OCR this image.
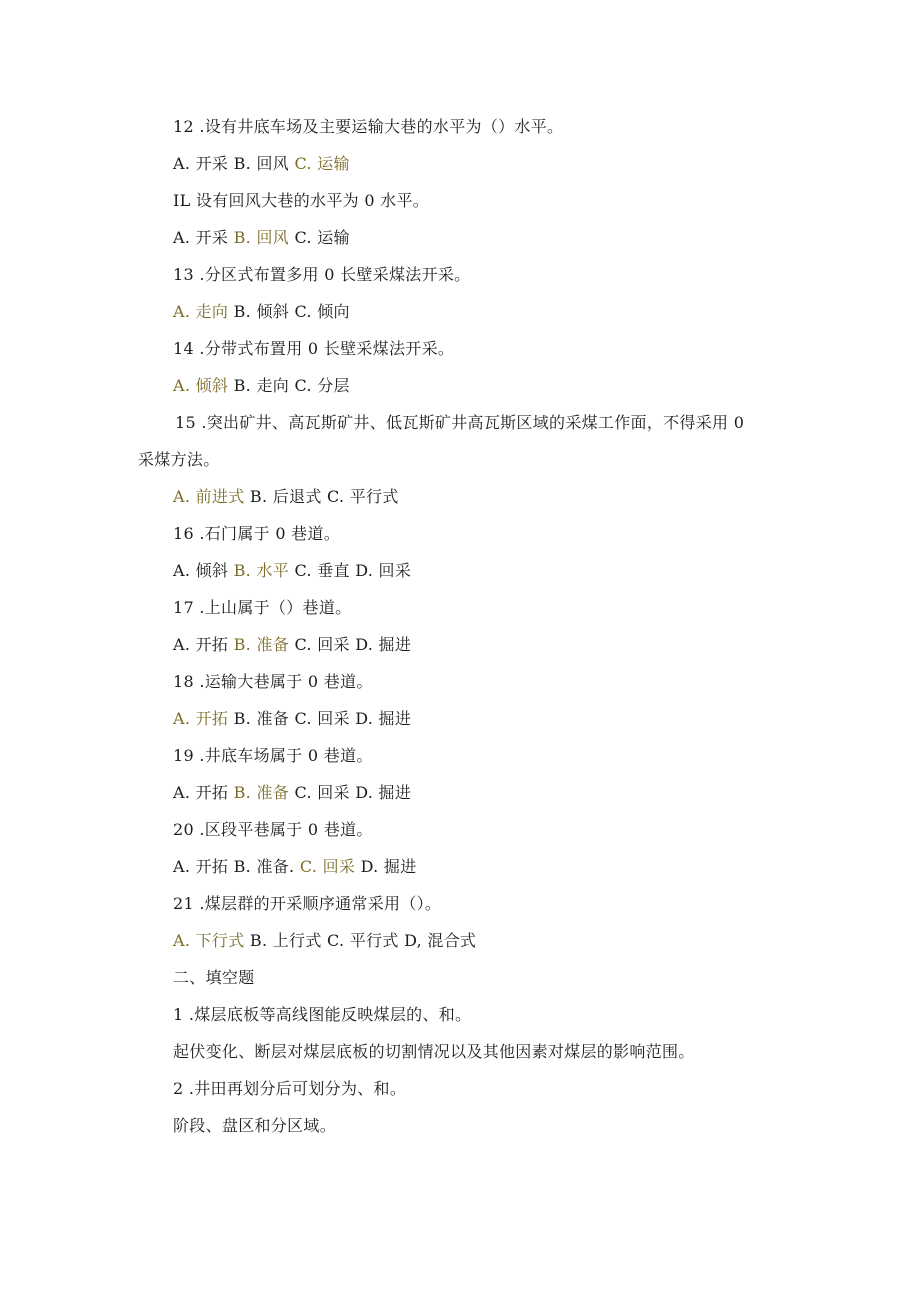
12 .设有井底车场及主要运输大巷的水平为（）水平。
A. 开采 B. 回风 C. 运输
IL 设有回风大巷的水平为 0 水平。
A. 开采 B. 回风 C. 运输
13 .分区式布置多用 0 长壁采煤法开采。
A. 走向 B. 倾斜 C. 倾向
14 .分带式布置用 0 长壁采煤法开采。
A. 倾斜 B. 走向 C. 分层
15 .突出矿井、高瓦斯矿井、低瓦斯矿井高瓦斯区域的采煤工作面，不得采用 0
采煤方法。
A. 前进式 B. 后退式 C. 平行式
16 .石门属于 0 巷道。
A. 倾斜 B. 水平 C. 垂直 D. 回采
17 .上山属于（）巷道。
A. 开拓 B. 准备 C. 回采 D. 掘进
18 .运输大巷属于 0 巷道。
A. 开拓 B. 准备 C. 回采 D. 掘进
19 .井底车场属于 0 巷道。
A. 开拓 B. 准备 C. 回采 D. 掘进
20 .区段平巷属于 0 巷道。
A. 开拓 B. 准备. C. 回采 D. 掘进
21 .煤层群的开采顺序通常采用（）。
A. 下行式 B. 上行式 C. 平行式 D, 混合式
二、填空题
1 .煤层底板等高线图能反映煤层的、和。
起伏变化、断层对煤层底板的切割情况以及其他因素对煤层的影响范围。
2 .井田再划分后可划分为、和。
阶段、盘区和分区域。
